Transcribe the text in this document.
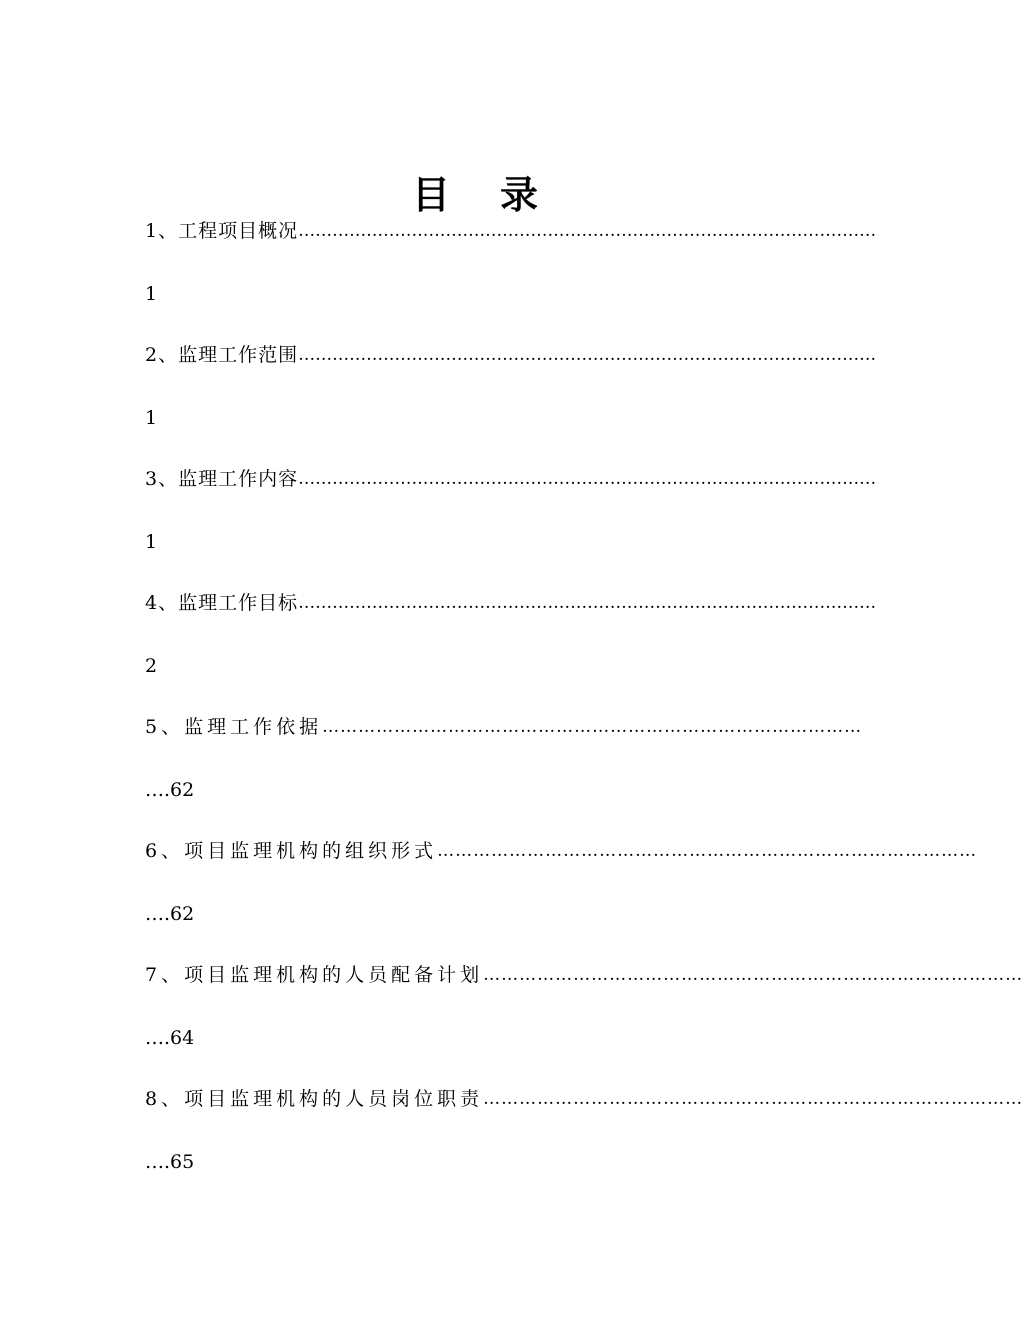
目 录
1、工程项目概况 …………………………………………………………………………………………
1
2、监理工作范围 …………………………………………………………………………………………
1
3、监理工作内容 …………………………………………………………………………………………
1
4、监理工作目标 …………………………………………………………………………………………
2
5、监理工作依据 ………………………………………………………………………………
….62
6、项目监理机构的组织形式 ………………………………………………………………………………
….62
7、项目监理机构的人员配备计划 ………………………………………………………………………………
….64
8、项目监理机构的人员岗位职责 ………………………………………………………………………………
….65
